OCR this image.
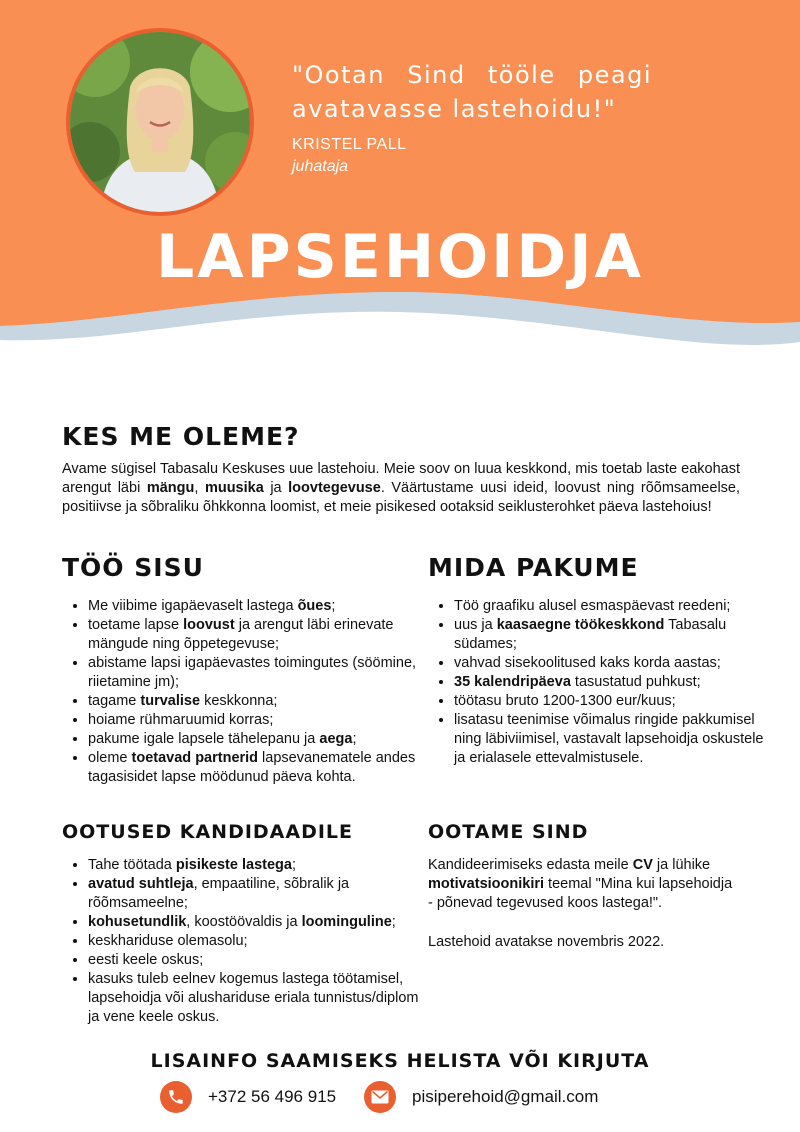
"Ootan Sind tööle peagi avatavasse lastehoidu!"
KRISTEL PALL
juhataja
LAPSEHOIDJA
KES ME OLEME?

Avame sügisel Tabasalu Keskuses uue lastehoiu. Meie soov on luua keskkond, mis toetab laste eakohast arengut läbi mängu, muusika ja loovtegevuse. Väärtustame uusi ideid, loovust ning rõõmsameelse, positiivse ja sõbraliku õhkkonna loomist, et meie pisikesed ootaksid seiklusterohket päeva lastehoius!

TÖÖ SISU
• Me viibime igapäevaselt lastega õues;
• toetame lapse loovust ja arengut läbi erinevate mängude ning õppetegevuse;
• abistame lapsi igapäevastes toimingutes (söömine, riietamine jm);
• tagame turvalise keskkonna;
• hoiame rühmaruumid korras;
• pakume igale lapsele tähelepanu ja aega;
• oleme toetavad partnerid lapsevanematele andes tagasisidet lapse möödunud päeva kohta.
MIDA PAKUME
• Töö graafiku alusel esmaspäevast reedeni;
• uus ja kaasaegne töökeskkond Tabasalu südames;
• vahvad sisekoolitused kaks korda aastas;
• 35 kalendripäeva tasustatud puhkust;
• töötasu bruto 1200-1300 eur/kuus;
• lisatasu teenimise võimalus ringide pakkumisel ning läbiviimisel, vastavalt lapsehoidja oskustele ja erialasele ettevalmistusele.
OOTUSED KANDIDAADILE
• Tahe töötada pisikeste lastega;
• avatud suhtleja, empaatiline, sõbralik ja rõõmsameelne;
• kohusetundlik, koostöövaldis ja loominguline;
• keskhariduse olemasolu;
• eesti keele oskus;
• kasuks tuleb eelnev kogemus lastega töötamisel, lapsehoidja või alushariduse eriala tunnistus/diplom ja vene keele oskus.
OOTAME SIND

Kandideerimiseks edasta meile CV ja lühike motivatsioonikiri teemal "Mina kui lapsehoidja - põnevad tegevused koos lastega!".

Lastehoid avatakse novembris 2022.

LISAINFO SAAMISEKS HELISTA VÕI KIRJUTA
+372 56 496 915	pisiperehoid@gmail.com
